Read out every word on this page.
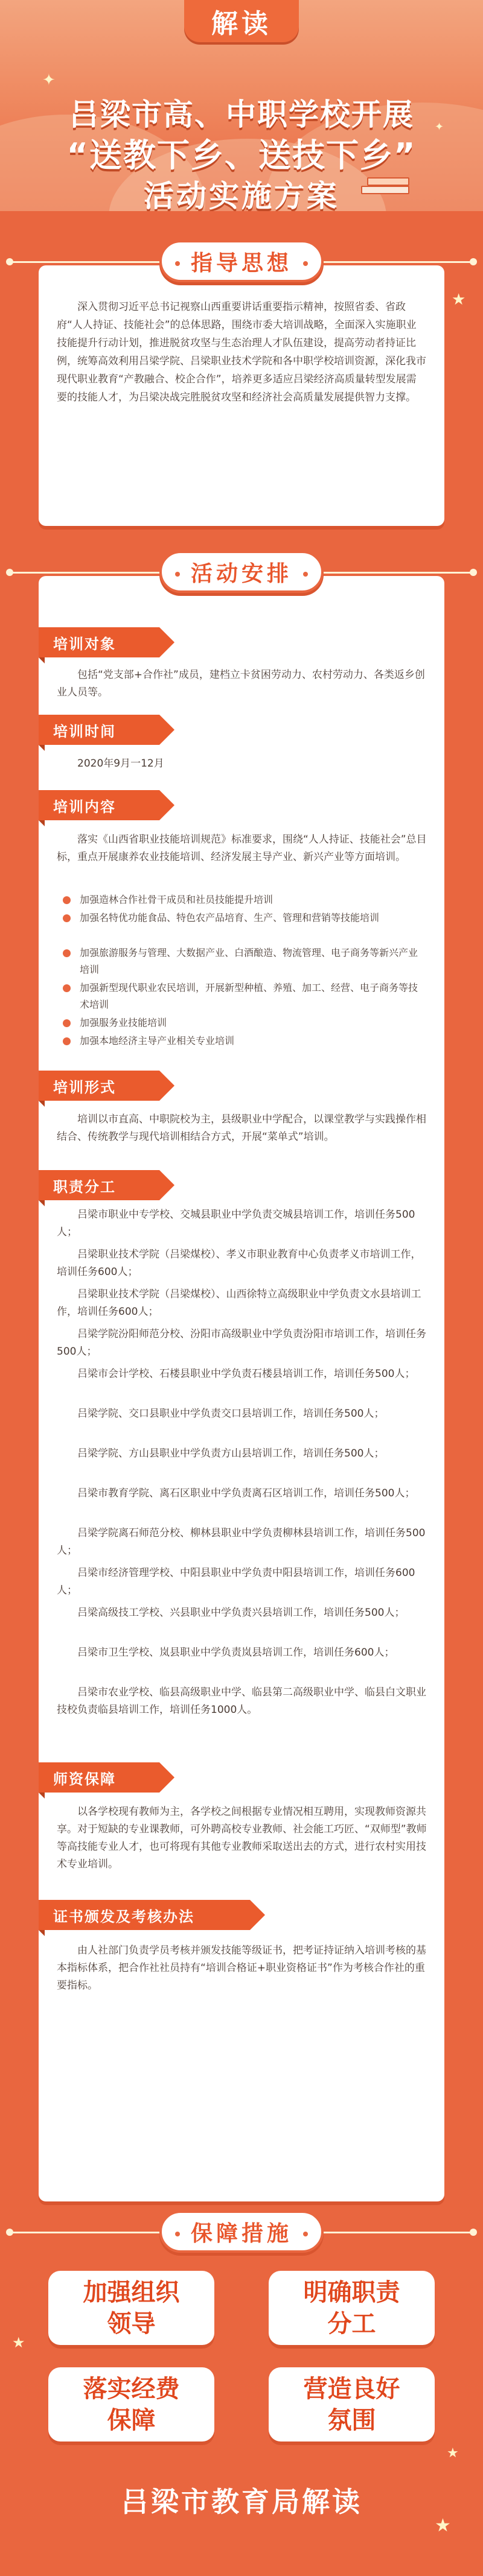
解读
✦
✦
吕梁市高、中职学校开展
“送教下乡、送技下乡”
活动实施方案
★
指导思想
深入贯彻习近平总书记视察山西重要讲话重要指示精神，按照省委、省政府“人人持证、技能社会”的总体思路，围绕市委大培训战略，全面深入实施职业技能提升行动计划，推进脱贫攻坚与生态治理人才队伍建设，提高劳动者持证比例，统筹高效利用吕梁学院、吕梁职业技术学院和各中职学校培训资源，深化我市现代职业教育“产教融合、校企合作”，培养更多适应吕梁经济高质量转型发展需要的技能人才，为吕梁决战完胜脱贫攻坚和经济社会高质量发展提供智力支撑。
活动安排
培训对象
包括“党支部+合作社”成员，建档立卡贫困劳动力、农村劳动力、各类返乡创业人员等。
培训时间
2020年9月一12月
培训内容
落实《山西省职业技能培训规范》标准要求，围绕“人人持证、技能社会”总目标，重点开展康养农业技能培训、经济发展主导产业、新兴产业等方面培训。
加强造林合作社骨干成员和社员技能提升培训
加强名特优功能食品、特色农产品培育、生产、管理和营销等技能培训
加强旅游服务与管理、大数据产业、白酒酿造、物流管理、电子商务等新兴产业培训
加强新型现代职业农民培训，开展新型种植、养殖、加工、经营、电子商务等技术培训
加强服务业技能培训
加强本地经济主导产业相关专业培训
培训形式
培训以市直高、中职院校为主，县级职业中学配合，以课堂教学与实践操作相结合、传统教学与现代培训相结合方式，开展“菜单式”培训。
职责分工
吕梁市职业中专学校、交城县职业中学负责交城县培训工作，培训任务500人；
吕梁职业技术学院（吕梁煤校）、孝义市职业教育中心负责孝义市培训工作，培训任务600人；
吕梁职业技术学院（吕梁煤校）、山西徐特立高级职业中学负责文水县培训工作，培训任务600人；
吕梁学院汾阳师范分校、汾阳市高级职业中学负责汾阳市培训工作，培训任务500人；
吕梁市会计学校、石楼县职业中学负责石楼县培训工作，培训任务500人；
吕梁学院、交口县职业中学负责交口县培训工作，培训任务500人；
吕梁学院、方山县职业中学负责方山县培训工作，培训任务500人；
吕梁市教育学院、离石区职业中学负责离石区培训工作，培训任务500人；
吕梁学院离石师范分校、柳林县职业中学负责柳林县培训工作，培训任务500人；
吕梁市经济管理学校、中阳县职业中学负责中阳县培训工作，培训任务600人；
吕梁高级技工学校、兴县职业中学负责兴县培训工作，培训任务500人；
吕梁市卫生学校、岚县职业中学负责岚县培训工作，培训任务600人；
吕梁市农业学校、临县高级职业中学、临县第二高级职业中学、临县白文职业技校负责临县培训工作，培训任务1000人。
师资保障
以各学校现有教师为主，各学校之间根据专业情况相互聘用，实现教师资源共享。对于短缺的专业课教师，可外聘高校专业教师、社会能工巧匠、“双师型”教师等高技能专业人才，也可将现有其他专业教师采取送出去的方式，进行农村实用技术专业培训。
证书颁发及考核办法
由人社部门负责学员考核并颁发技能等级证书，把考证持证纳入培训考核的基本指标体系，把合作社社员持有“培训合格证+职业资格证书”作为考核合作社的重要指标。
保障措施
加强组织
领导
明确职责
分工
落实经费
保障
营造良好
氛围
★
★
吕梁市教育局解读
★
